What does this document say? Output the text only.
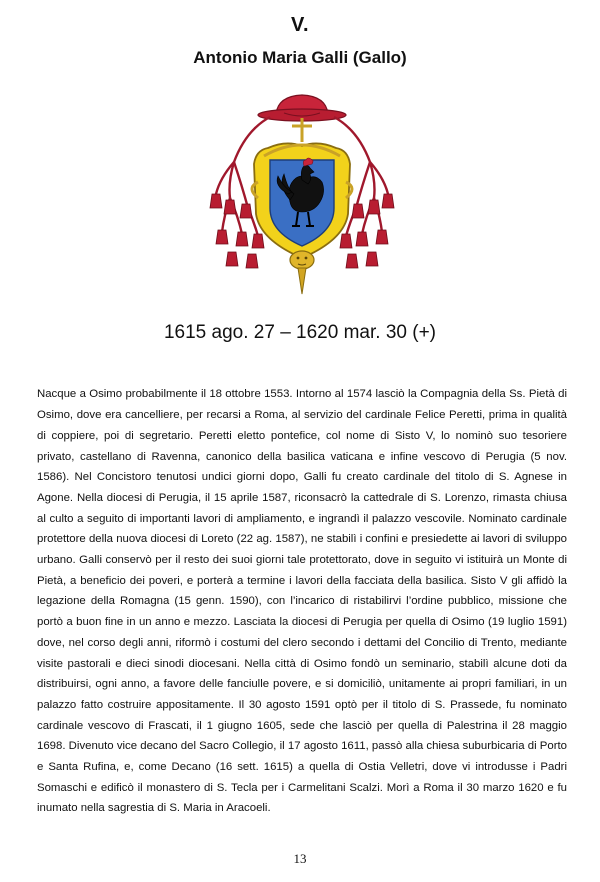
V.
Antonio Maria Galli (Gallo)
1615 ago. 27 – 1620 mar. 30 (+)

Nacque a Osimo probabilmente il 18 ottobre 1553. Intorno al 1574 lasciò la Compagnia della Ss. Pietà di Osimo, dove era cancelliere, per recarsi a Roma, al servizio del cardinale Felice Peretti, prima in qualità di coppiere, poi di segretario. Peretti eletto pontefice, col nome di Sisto V, lo nominò suo tesoriere privato, castellano di Ravenna, canonico della basilica vaticana e infine vescovo di Perugia (5 nov. 1586). Nel Concistoro tenutosi undici giorni dopo, Galli fu creato cardinale del titolo di S. Agnese in Agone. Nella diocesi di Perugia, il 15 aprile 1587, riconsacrò la cattedrale di S. Lorenzo, rimasta chiusa al culto a seguito di importanti lavori di ampliamento, e ingrandì il palazzo vescovile. Nominato cardinale protettore della nuova diocesi di Loreto (22 ag. 1587), ne stabilì i confini e presiedette ai lavori di sviluppo urbano. Galli conservò per il resto dei suoi giorni tale protettorato, dove in seguito vi istituirà un Monte di Pietà, a beneficio dei poveri, e porterà a termine i lavori della facciata della basilica. Sisto V gli affidò la legazione della Romagna (15 genn. 1590), con l’incarico di ristabilirvi l’ordine pubblico, missione che portò a buon fine in un anno e mezzo. Lasciata la diocesi di Perugia per quella di Osimo (19 luglio 1591) dove, nel corso degli anni, riformò i costumi del clero secondo i dettami del Concilio di Trento, mediante visite pastorali e dieci sinodi diocesani. Nella città di Osimo fondò un seminario, stabilì alcune doti da distribuirsi, ogni anno, a favore delle fanciulle povere, e si domiciliò, unitamente ai propri familiari, in un palazzo fatto costruire appositamente. Il 30 agosto 1591 optò per il titolo di S. Prassede, fu nominato cardinale vescovo di Frascati, il 1 giugno 1605, sede che lasciò per quella di Palestrina il 28 maggio 1698. Divenuto vice decano del Sacro Collegio, il 17 agosto 1611, passò alla chiesa suburbicaria di Porto e Santa Rufina, e, come Decano (16 sett. 1615) a quella di Ostia Velletri, dove vi introdusse i Padri Somaschi e edificò il monastero di S. Tecla per i Carmelitani Scalzi. Morì a Roma il 30 marzo 1620 e fu inumato nella sagrestia di S. Maria in Aracoeli.

13
